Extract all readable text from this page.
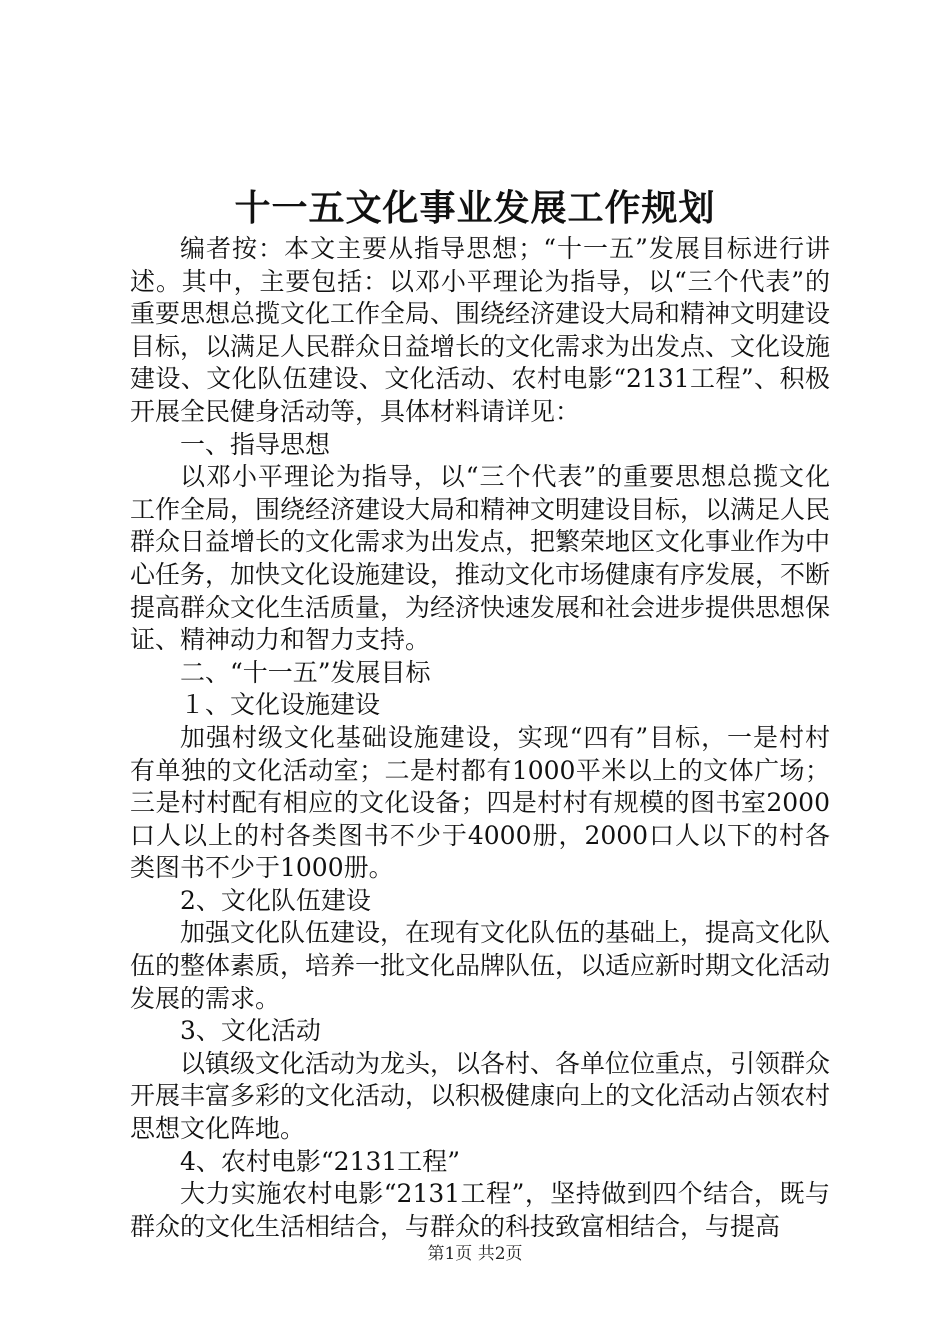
十一五文化事业发展工作规划

编者按：本文主要从指导思想；“十一五”发展目标进行讲述。其中，主要包括：以邓小平理论为指导，以“三个代表”的重要思想总揽文化工作全局、围绕经济建设大局和精神文明建设目标，以满足人民群众日益增长的文化需求为出发点、文化设施建设、文化队伍建设、文化活动、农村电影“2131工程”、积极开展全民健身活动等，具体材料请详见：

一、指导思想

以邓小平理论为指导，以“三个代表”的重要思想总揽文化工作全局，围绕经济建设大局和精神文明建设目标，以满足人民群众日益增长的文化需求为出发点，把繁荣地区文化事业作为中心任务，加快文化设施建设，推动文化市场健康有序发展，不断提高群众文化生活质量，为经济快速发展和社会进步提供思想保证、精神动力和智力支持。

二、“十一五”发展目标

１、文化设施建设

加强村级文化基础设施建设，实现“四有”目标，一是村村有单独的文化活动室；二是村都有1000平米以上的文体广场；三是村村配有相应的文化设备；四是村村有规模的图书室2000口人以上的村各类图书不少于4000册，2000口人以下的村各类图书不少于1000册。

2、文化队伍建设

加强文化队伍建设，在现有文化队伍的基础上，提高文化队伍的整体素质，培养一批文化品牌队伍，以适应新时期文化活动发展的需求。

3、文化活动

以镇级文化活动为龙头，以各村、各单位位重点，引领群众开展丰富多彩的文化活动，以积极健康向上的文化活动占领农村思想文化阵地。

4、农村电影“2131工程”

大力实施农村电影“2131工程”，坚持做到四个结合，既与群众的文化生活相结合，与群众的科技致富相结合，与提高

第1页 共2页
